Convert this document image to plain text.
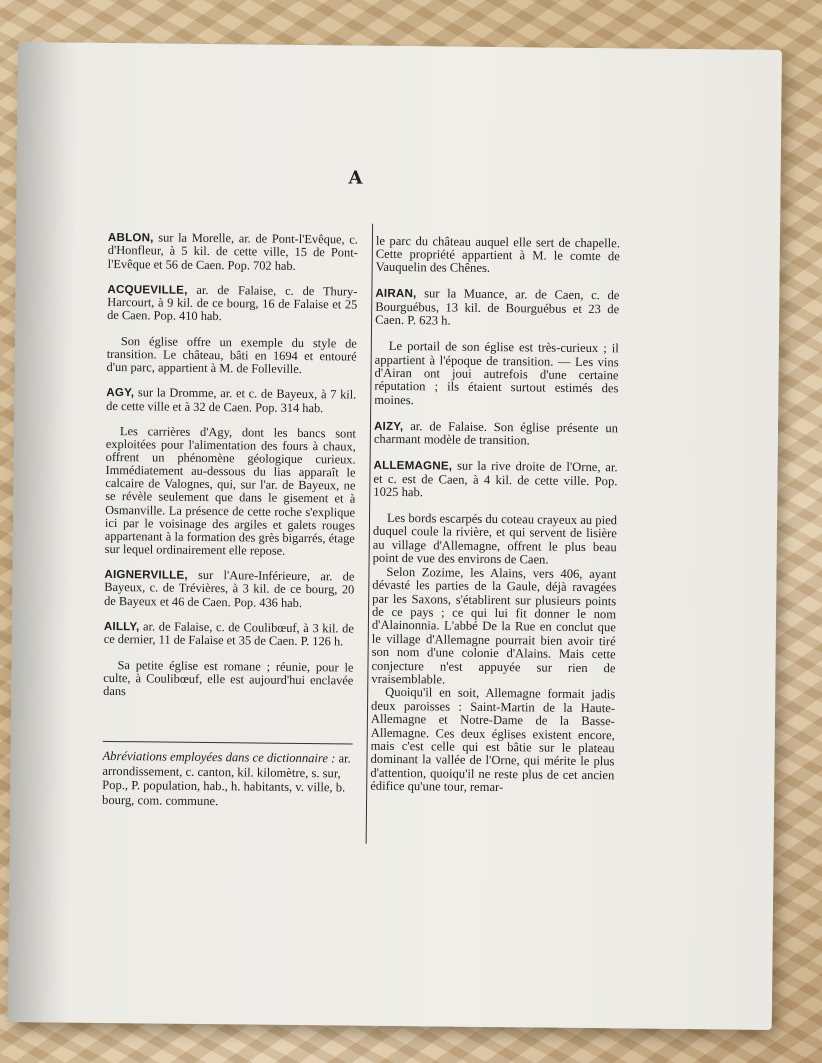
A

ABLON, sur la Morelle, ar. de Pont-l'Evêque, c. d'Honfleur, à 5 kil. de cette ville, 15 de Pont-l'Evêque et 56 de Caen. Pop. 702 hab.

ACQUEVILLE, ar. de Falaise, c. de Thury-Harcourt, à 9 kil. de ce bourg, 16 de Falaise et 25 de Caen. Pop. 410 hab.

Son église offre un exemple du style de transition. Le château, bâti en 1694 et entouré d'un parc, appartient à M. de Folleville.

AGY, sur la Dromme, ar. et c. de Bayeux, à 7 kil. de cette ville et à 32 de Caen. Pop. 314 hab.

Les carrières d'Agy, dont les bancs sont exploitées pour l'alimentation des fours à chaux, offrent un phénomène géologique curieux. Immédiatement au-dessous du lias apparaît le calcaire de Valognes, qui, sur l'ar. de Bayeux, ne se révèle seulement que dans le gisement et à Osmanville. La présence de cette roche s'explique ici par le voisinage des argiles et galets rouges appartenant à la formation des grès bigarrés, étage sur lequel ordinairement elle repose.

AIGNERVILLE, sur l'Aure-Inférieure, ar. de Bayeux, c. de Trévières, à 3 kil. de ce bourg, 20 de Bayeux et 46 de Caen. Pop. 436 hab.

AILLY, ar. de Falaise, c. de Coulibœuf, à 3 kil. de ce dernier, 11 de Falaise et 35 de Caen. P. 126 h.

Sa petite église est romane ; réunie, pour le culte, à Coulibœuf, elle est aujourd'hui enclavée dans

le parc du château auquel elle sert de chapelle. Cette propriété appartient à M. le comte de Vauquelin des Chênes.

AIRAN, sur la Muance, ar. de Caen, c. de Bourguébus, 13 kil. de Bourguébus et 23 de Caen. P. 623 h.

Le portail de son église est très-curieux ; il appartient à l'époque de transition. — Les vins d'Airan ont joui autrefois d'une certaine réputation ; ils étaient surtout estimés des moines.

AIZY, ar. de Falaise. Son église présente un charmant modèle de transition.

ALLEMAGNE, sur la rive droite de l'Orne, ar. et c. est de Caen, à 4 kil. de cette ville. Pop. 1025 hab.

Les bords escarpés du coteau crayeux au pied duquel coule la rivière, et qui servent de lisière au village d'Allemagne, offrent le plus beau point de vue des environs de Caen.

Selon Zozime, les Alains, vers 406, ayant dévasté les parties de la Gaule, déjà ravagées par les Saxons, s'établirent sur plusieurs points de ce pays ; ce qui lui fit donner le nom d'Alainonnia. L'abbé De la Rue en conclut que le village d'Allemagne pourrait bien avoir tiré son nom d'une colonie d'Alains. Mais cette conjecture n'est appuyée sur rien de vraisemblable.

Quoiqu'il en soit, Allemagne formait jadis deux paroisses : Saint-Martin de la Haute-Allemagne et Notre-Dame de la Basse-Allemagne. Ces deux églises existent encore, mais c'est celle qui est bâtie sur le plateau dominant la vallée de l'Orne, qui mérite le plus d'attention, quoiqu'il ne reste plus de cet ancien édifice qu'une tour, remar-

Abréviations employées dans ce dictionnaire : ar. arrondissement, c. canton, kil. kilomètre, s. sur, Pop., P. population, hab., h. habitants, v. ville, b. bourg, com. commune.
